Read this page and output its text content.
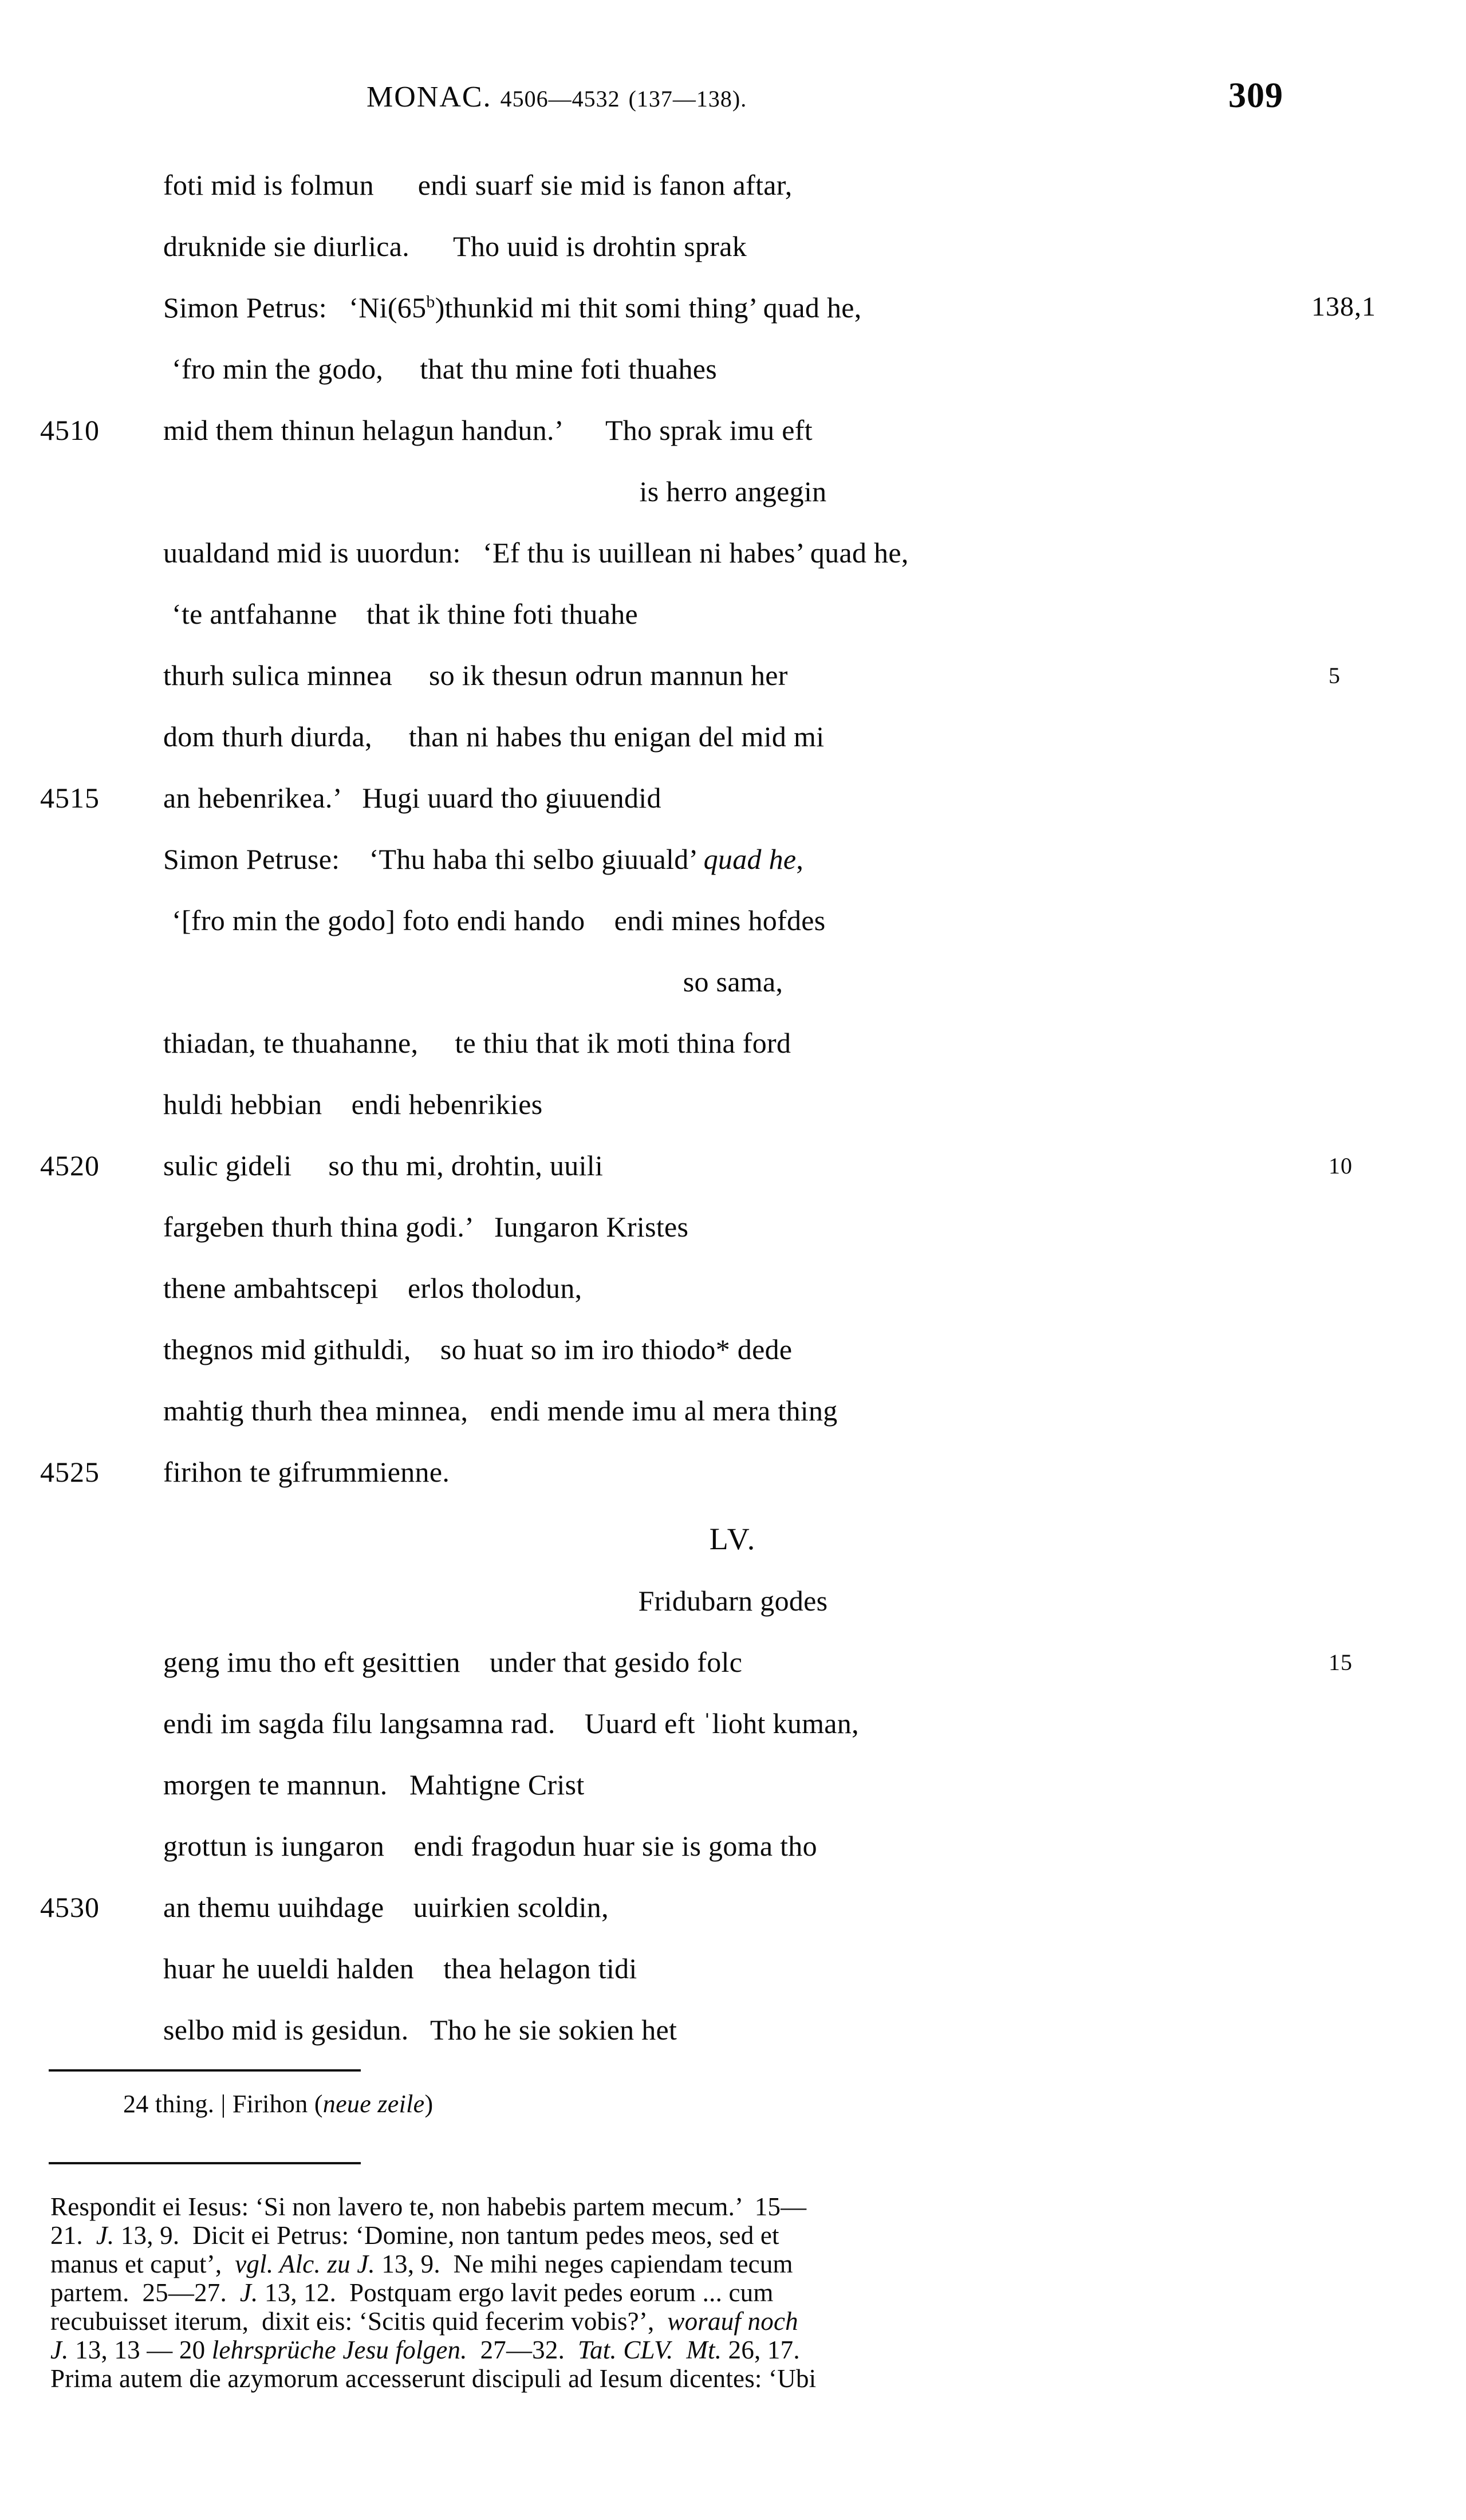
MONAC. 4506—4532 (137—138).	309
foti mid is folmun      endi suarf sie mid is fanon aftar,
druknide sie diurlica.      Tho uuid is drohtin sprak
Simon Petrus:   ‘Ni(65$^b$)thunkid mi thit somi thing’ quad he,	138,1
‘fro min the godo,     that thu mine foti thuahes
4510	mid them thinun helagun handun.’      Tho sprak imu eft
is herro angegin
uualdand mid is uuordun:   ‘Ef thu is uuillean ni habes’ quad he,
‘te antfahanne    that ik thine foti thuahe
thurh sulica minnea     so ik thesun odrun mannun her	5
dom thurh diurda,     than ni habes thu enigan del mid mi
4515	an hebenrikea.’   Hugi uuard tho giuuendid
Simon Petruse:    ‘Thu haba thi selbo giuuald’ quad he,
‘[fro min the godo] foto endi hando    endi mines hofdes
so sama,
thiadan, te thuahanne,     te thiu that ik moti thina ford
huldi hebbian    endi hebenrikies
4520	sulic gideli     so thu mi, drohtin, uuili	10
fargeben thurh thina godi.’   Iungaron Kristes
thene ambahtscepi    erlos tholodun,
thegnos mid githuldi,    so huat so im iro thiodo* dede
mahtig thurh thea minnea,   endi mende imu al mera thing
4525	firihon te gifrummienne.
LV.
Fridubarn godes
geng imu tho eft gesittien    under that gesido folc	15
endi im sagda filu langsamna rad.    Uuard eft ˈlioht kuman,
morgen te mannun.   Mahtigne Crist
grottun is iungaron    endi fragodun huar sie is goma tho
4530	an themu uuihdage    uuirkien scoldin,
huar he uueldi halden    thea helagon tidi
selbo mid is gesidun.   Tho he sie sokien het
24 thing. | Firihon (neue zeile)
Respondit ei Iesus: ‘Si non lavero te, non habebis partem mecum.’  15—
21.  J. 13, 9.  Dicit ei Petrus: ‘Domine, non tantum pedes meos, sed et
manus et caput’,  vgl. Alc. zu J. 13, 9.  Ne mihi neges capiendam tecum
partem.  25—27.  J. 13, 12.  Postquam ergo lavit pedes eorum ... cum
recubuisset iterum,  dixit eis: ‘Scitis quid fecerim vobis?’,  worauf noch
J. 13, 13 — 20 lehrsprüche Jesu folgen.  27—32.  Tat. CLV.  Mt. 26, 17.
Prima autem die azymorum accesserunt discipuli ad Iesum dicentes: ‘Ubi
